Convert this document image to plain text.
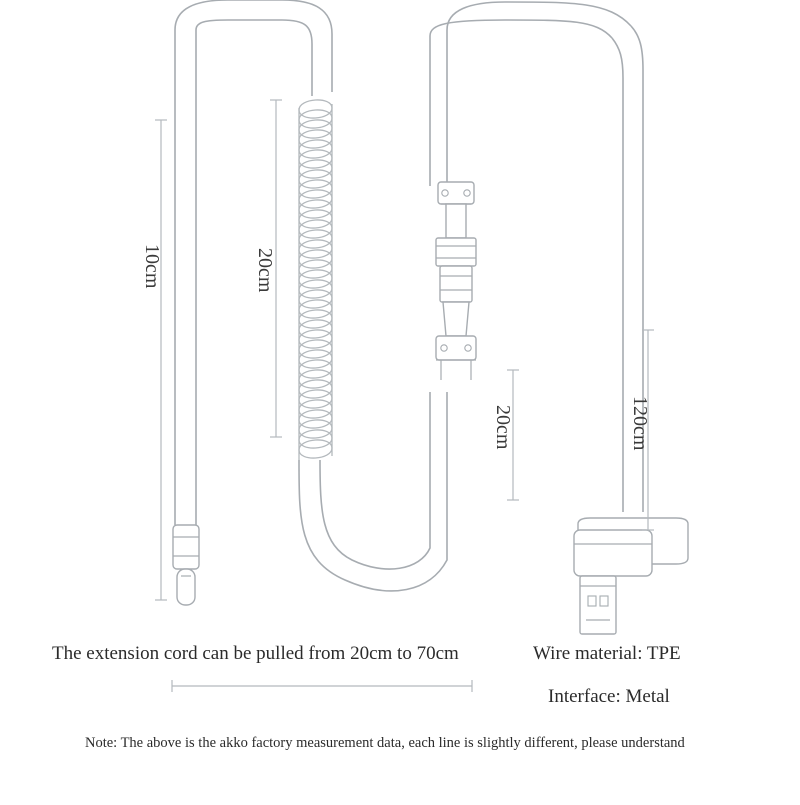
10cm	20cm
20cm	120cm
The extension cord can be pulled from 20cm to 70cm	Wire material: TPE
Interface: Metal
Note: The above is the akko factory measurement data, each line is slightly different, please understand
